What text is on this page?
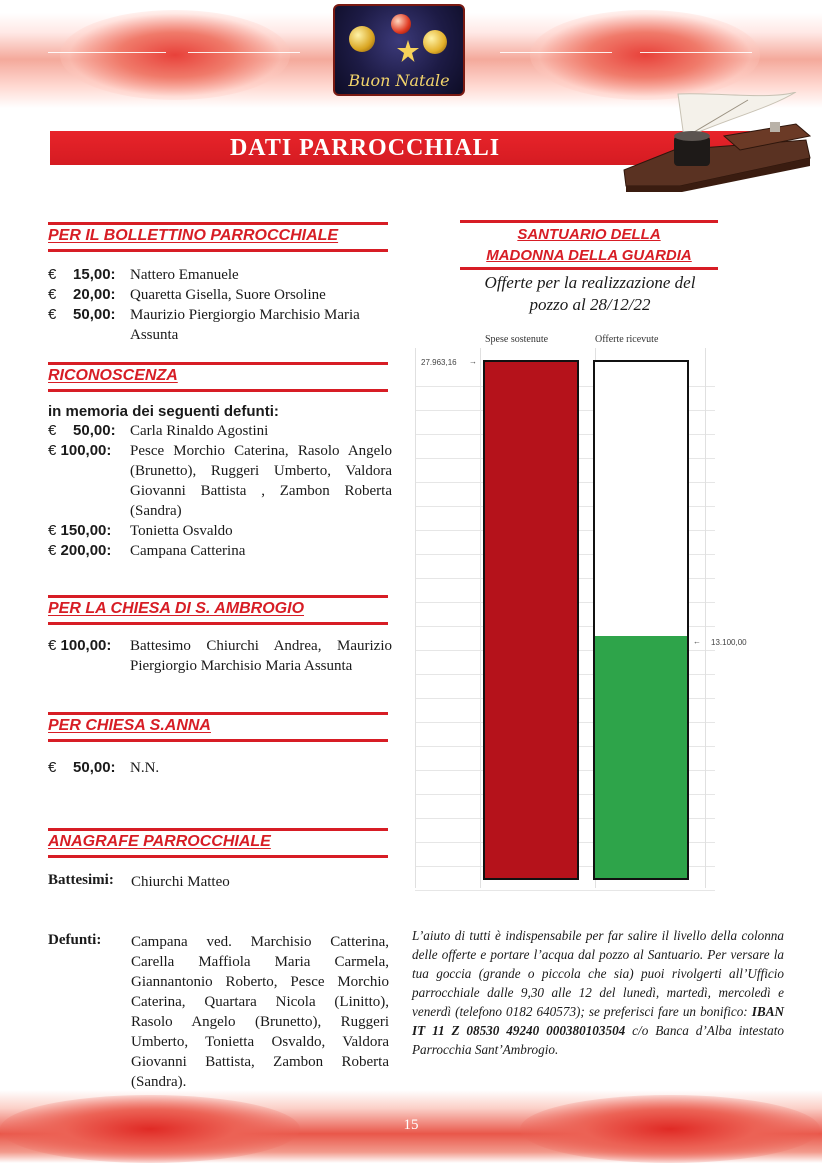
Buon Natale
DATI PARROCCHIALI
PER IL BOLLETTINO PARROCCHIALE
€ 15,00: Nattero Emanuele
€ 20,00: Quaretta Gisella, Suore Orsoline
€ 50,00: Maurizio Piergiorgio Marchisio Maria Assunta
RICONOSCENZA
in memoria dei seguenti defunti:
€ 50,00: Carla Rinaldo Agostini
€ 100,00: Pesce Morchio Caterina, Rasolo Angelo (Brunetto), Ruggeri Umberto, Valdora Giovanni Battista , Zambon Roberta (Sandra)
€ 150,00: Tonietta Osvaldo
€ 200,00: Campana Catterina
PER LA CHIESA DI S. AMBROGIO
€ 100,00: Battesimo Chiurchi Andrea, Maurizio Piergiorgio Marchisio Maria Assunta
PER CHIESA S.ANNA
€ 50,00: N.N.
ANAGRAFE PARROCCHIALE
Battesimi: Chiurchi Matteo
Defunti: Campana ved. Marchisio Catterina, Carella Maffiola Maria Carmela, Giannantonio Roberto, Pesce Morchio Caterina, Quartara Nicola (Linitto), Rasolo Angelo (Brunetto), Ruggeri Umberto, Tonietta Osvaldo, Valdora Giovanni Battista, Zambon Roberta (Sandra).
SANTUARIO DELLA
MADONNA DELLA GUARDIA
Offerte per la realizzazione del
pozzo al 28/12/22
Spese sostenute	Offerte ricevute
27.963,16
13.100,00
→
←
L’aiuto di tutti è indispensabile per far salire il livello della colonna delle offerte e portare l’acqua dal pozzo al Santuario. Per versare la tua goccia (grande o piccola che sia) puoi rivolgerti all’Ufficio parrocchiale dalle 9,30 alle 12 del lunedì, martedì, mercoledì e venerdì (telefono 0182 640573); se preferisci fare un bonifico: IBAN IT 11 Z 08530 49240 000380103504 c/o Banca d’Alba intestato Parrocchia Sant’Ambrogio.
15
